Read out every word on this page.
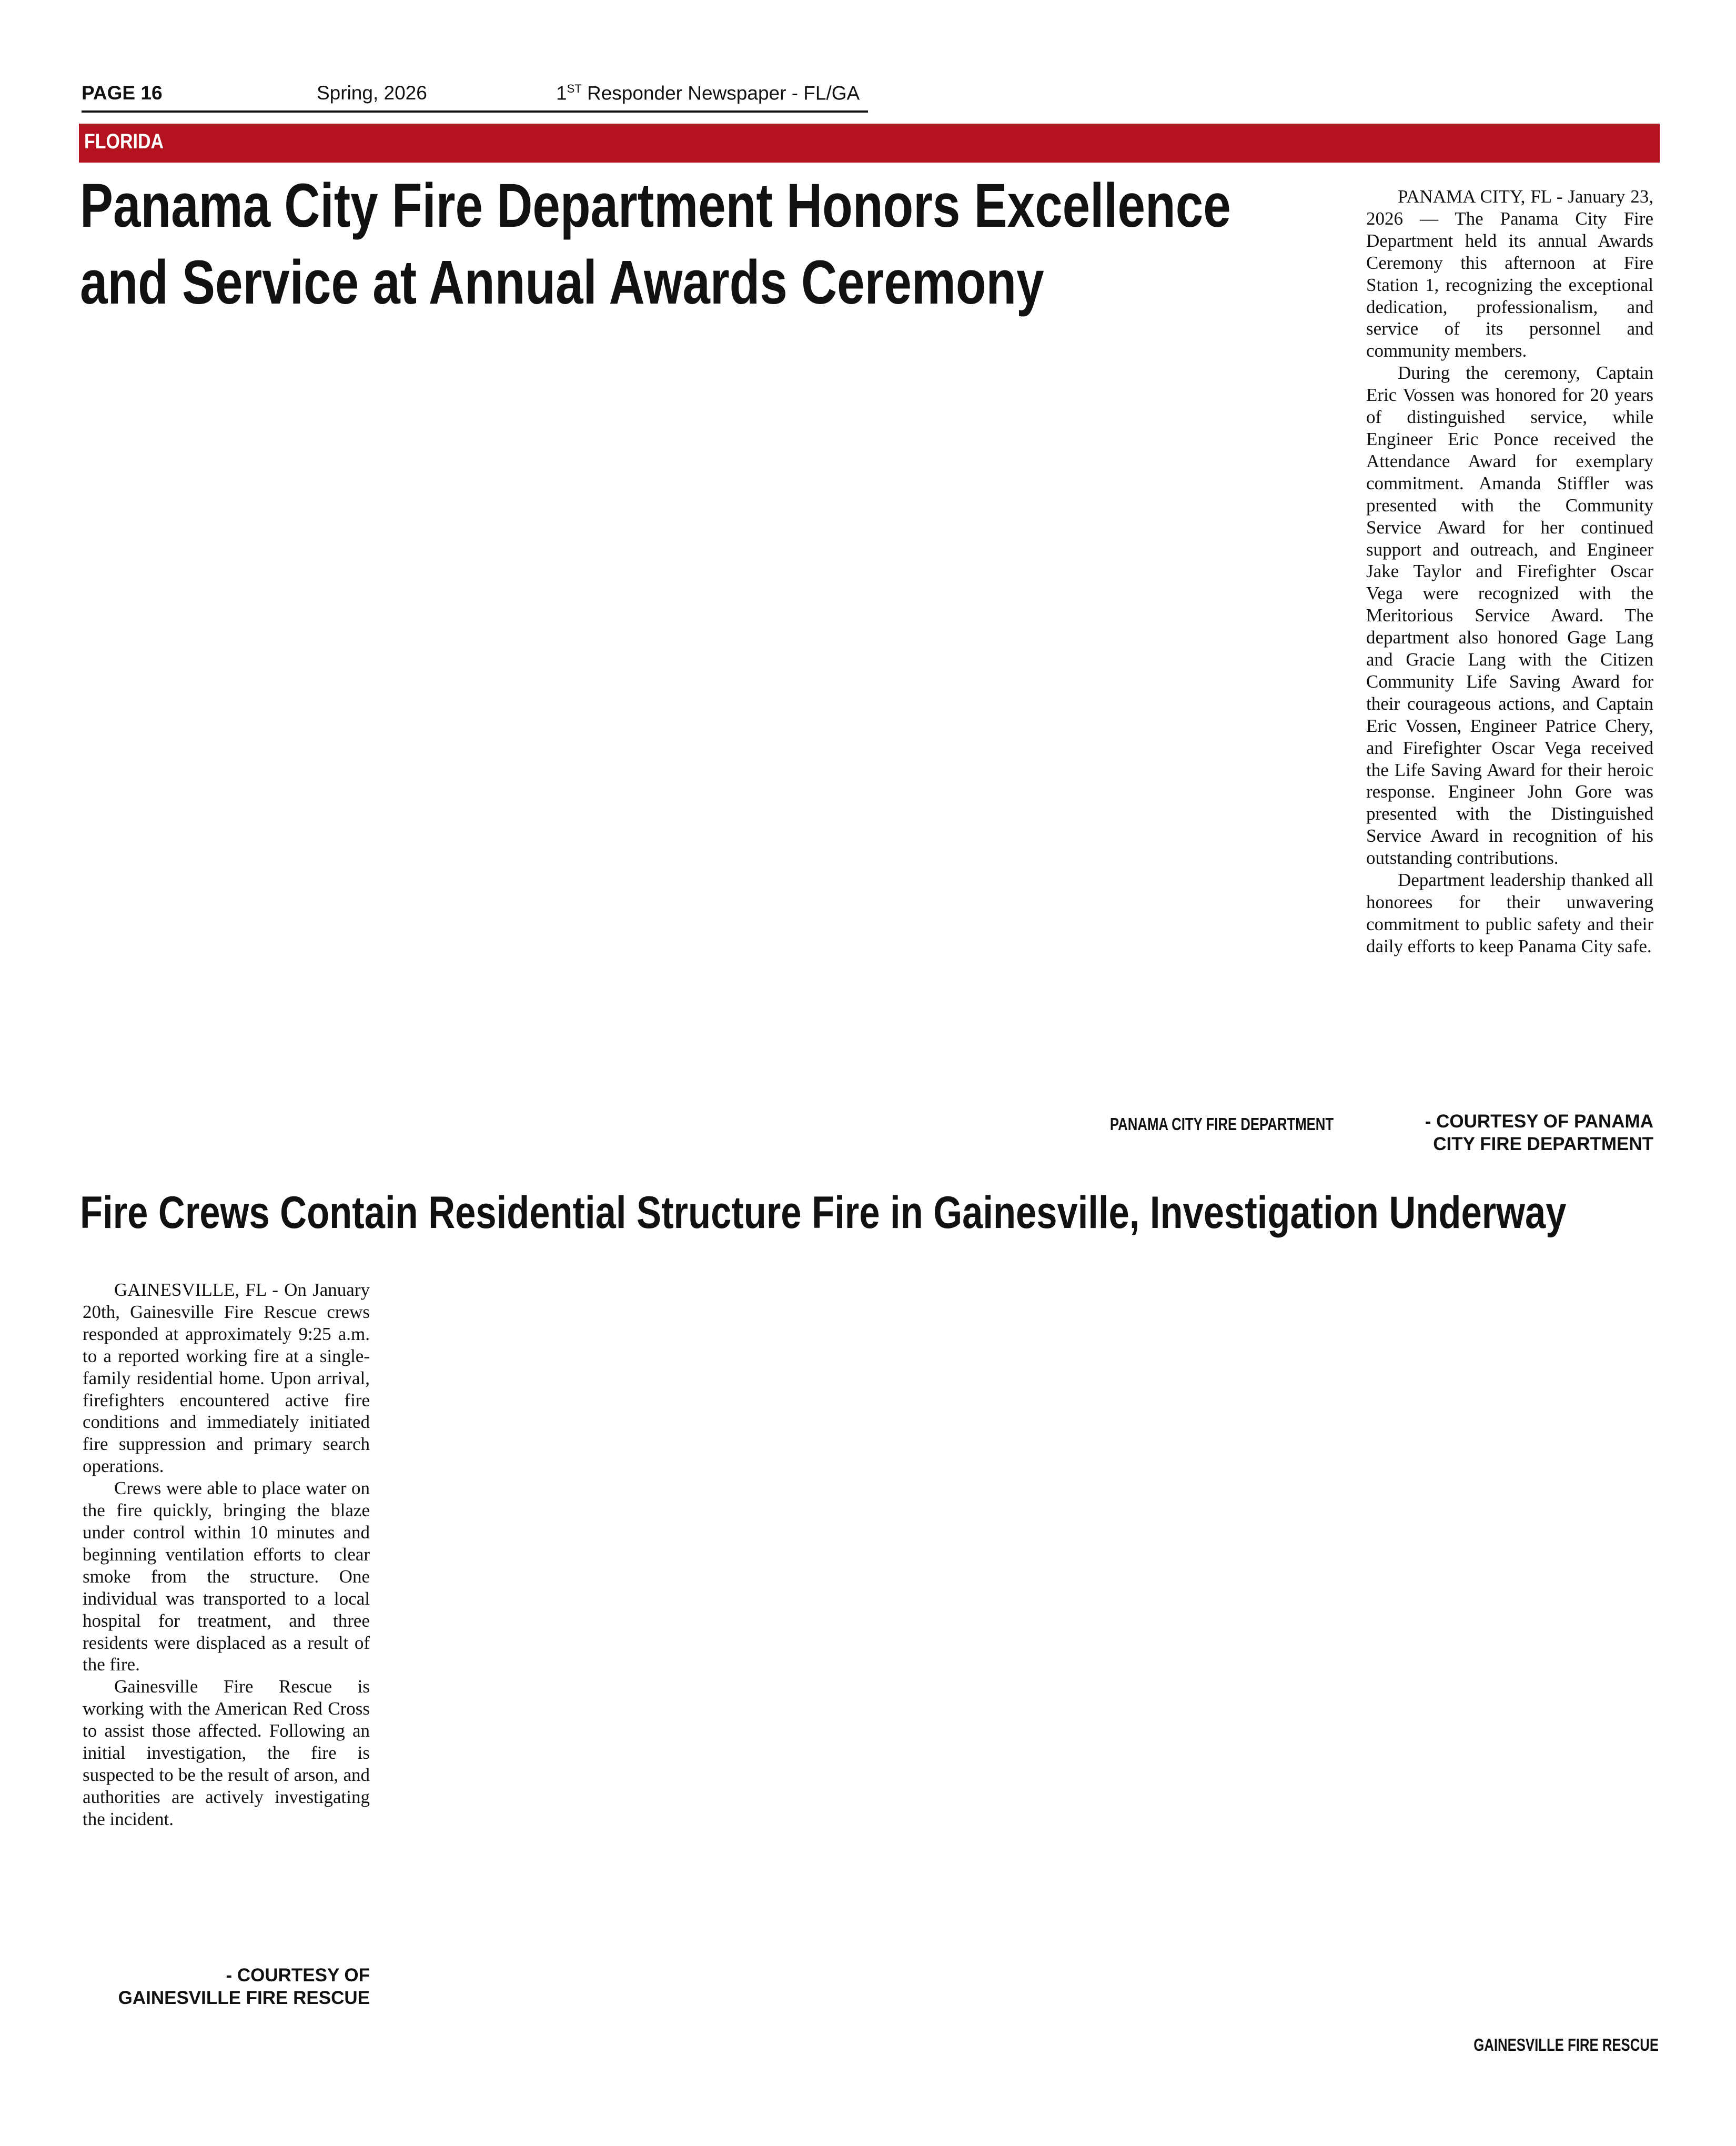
PAGE 16	Spring, 2026	1ST Responder Newspaper - FL/GA
FLORIDA
Panama City Fire Department Honors Excellence
and Service at Annual Awards Ceremony

PANAMA CITY, FL - January 23, 2026 — The Panama City Fire Department held its annual Awards Ceremony this afternoon at Fire Station 1, recognizing the exceptional dedication, professionalism, and service of its personnel and community members.

During the ceremony, Captain Eric Vossen was honored for 20 years of distinguished service, while Engineer Eric Ponce received the Attendance Award for exemplary commitment. Amanda Stiffler was presented with the Community Service Award for her continued support and outreach, and Engineer Jake Taylor and Firefighter Oscar Vega were recognized with the Meritorious Service Award. The department also honored Gage Lang and Gracie Lang with the Citizen Community Life Saving Award for their courageous actions, and Captain Eric Vossen, Engineer Patrice Chery, and Firefighter Oscar Vega received the Life Saving Award for their heroic response. Engineer John Gore was presented with the Distinguished Service Award in recognition of his outstanding contributions.

Department leadership thanked all honorees for their unwavering commitment to public safety and their daily efforts to keep Panama City safe.

- COURTESY OF PANAMA
CITY FIRE DEPARTMENT
PANAMA CITY FIRE DEPARTMENT
Fire Crews Contain Residential Structure Fire in Gainesville, Investigation Underway

GAINESVILLE, FL - On January 20th, Gainesville Fire Rescue crews responded at approximately 9:25 a.m. to a reported working fire at a single-family residential home. Upon arrival, firefighters encountered active fire conditions and immediately initiated fire suppression and primary search operations.

Crews were able to place water on the fire quickly, bringing the blaze under control within 10 minutes and beginning ventilation efforts to clear smoke from the structure. One individual was transported to a local hospital for treatment, and three residents were displaced as a result of the fire.

Gainesville Fire Rescue is working with the American Red Cross to assist those affected. Following an initial investigation, the fire is suspected to be the result of arson, and authorities are actively investigating the incident.

- COURTESY OF
GAINESVILLE FIRE RESCUE
GAINESVILLE FIRE RESCUE
